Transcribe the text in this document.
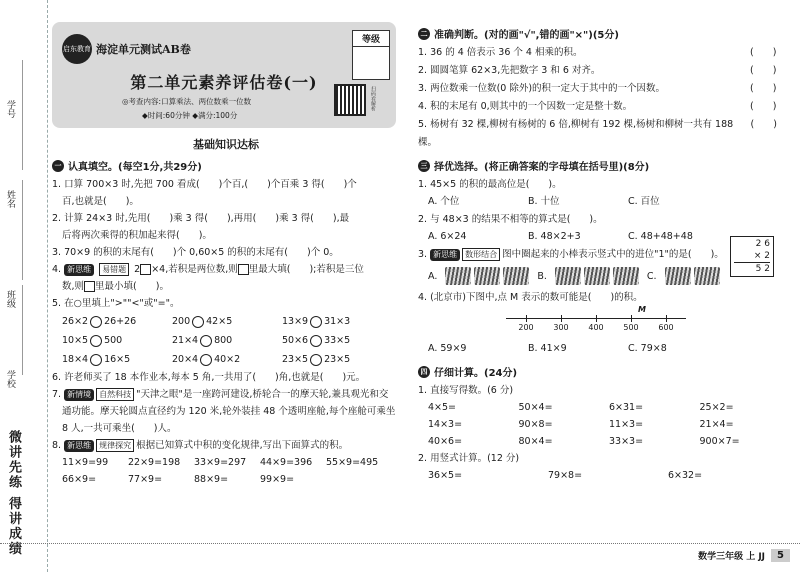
学号
姓名
班级
学校
微讲先练 得讲成绩
启东教育 海淀单元测试AB卷
等级
第二单元素养评估卷(一)
◎考查内容:口算乘法、两位数乘一位数
◆时间:60分钟 ◆满分:100分
扫码看解析
基础知识达标
一 认真填空。(每空1分,共29分)
1. 口算 700×3 时,先把 700 看成(　　)个百,(　　)个百乘 3 得(　　)个
百,也就是(　　)。
2. 计算 24×3 时,先用(　　)乘 3 得(　　),再用(　　)乘 3 得(　　),最
后将两次乘得的积加起来得(　　)。
3. 70×9 的积的末尾有(　　)个 0,60×5 的积的末尾有(　　)个 0。
4. 新思维 易错题 2 ×4,若积是两位数,则 里最大填(　　);若积是三位
数,则 里最小填(　　)。
5. 在○里填上">""<"或"="。
26×2 26+26	200 42×5	13×9 31×3
10×5 500	21×4 800	50×6 33×5
18×4 16×5	20×4 40×2	23×5 23×5
6. 许老师买了 18 本作业本,每本 5 角,一共用了(　　)角,也就是(　　)元。
7. 新情境 自然科技 "天津之眼"是一座跨河建设,桥轮合一的摩天轮,兼具观光和交
通功能。摩天轮圆点直径约为 120 米,轮外装挂 48 个透明座舱,每个座舱可乘坐
8 人,一共可乘坐(　　)人。
8. 新思维 规律探究 根据已知算式中积的变化规律,写出下面算式的积。
11×9=99	22×9=198	33×9=297	44×9=396	55×9=495
66×9=	77×9=	88×9=	99×9=
二 准确判断。(对的画"√",错的画"×")(5分)
1. 36 的 4 倍表示 36 个 4 相乘的积。	(　　)
2. 圆圆笔算 62×3,先把数字 3 和 6 对齐。	(　　)
3. 两位数乘一位数(0 除外)的积一定大于其中的一个因数。	(　　)
4. 积的末尾有 0,则其中的一个因数一定是整十数。	(　　)
5. 杨树有 32 棵,柳树有杨树的 6 倍,柳树有 192 棵,杨树和柳树一共有 188 棵。
(　　)
三 择优选择。(将正确答案的字母填在括号里)(8分)
1. 45×5 的积的最高位是(　　)。
A. 个位	B. 十位	C. 百位
2. 与 48×3 的结果不相等的算式是(　　)。
A. 6×24	B. 48×2+3	C. 48+48+48
3. 新思维 数形结合 图中圈起来的小棒表示竖式中的进位"1"的是(　　)。
A.	B.	C.
2 6
× 2
5 2
4. (北京市)下图中,点 M 表示的数可能是(　　)的积。
200 300 400 500 600
M
A. 59×9	B. 41×9	C. 79×8
四 仔细计算。(24分)
1. 直接写得数。(6 分)
4×5=	50×4=	6×31=	25×2=
14×3=	90×8=	11×3=	21×4=
40×6=	80×4=	33×3=	900×7=
2. 用竖式计算。(12 分)
36×5=	79×8=	6×32=
数学三年级 上 JJ	5
